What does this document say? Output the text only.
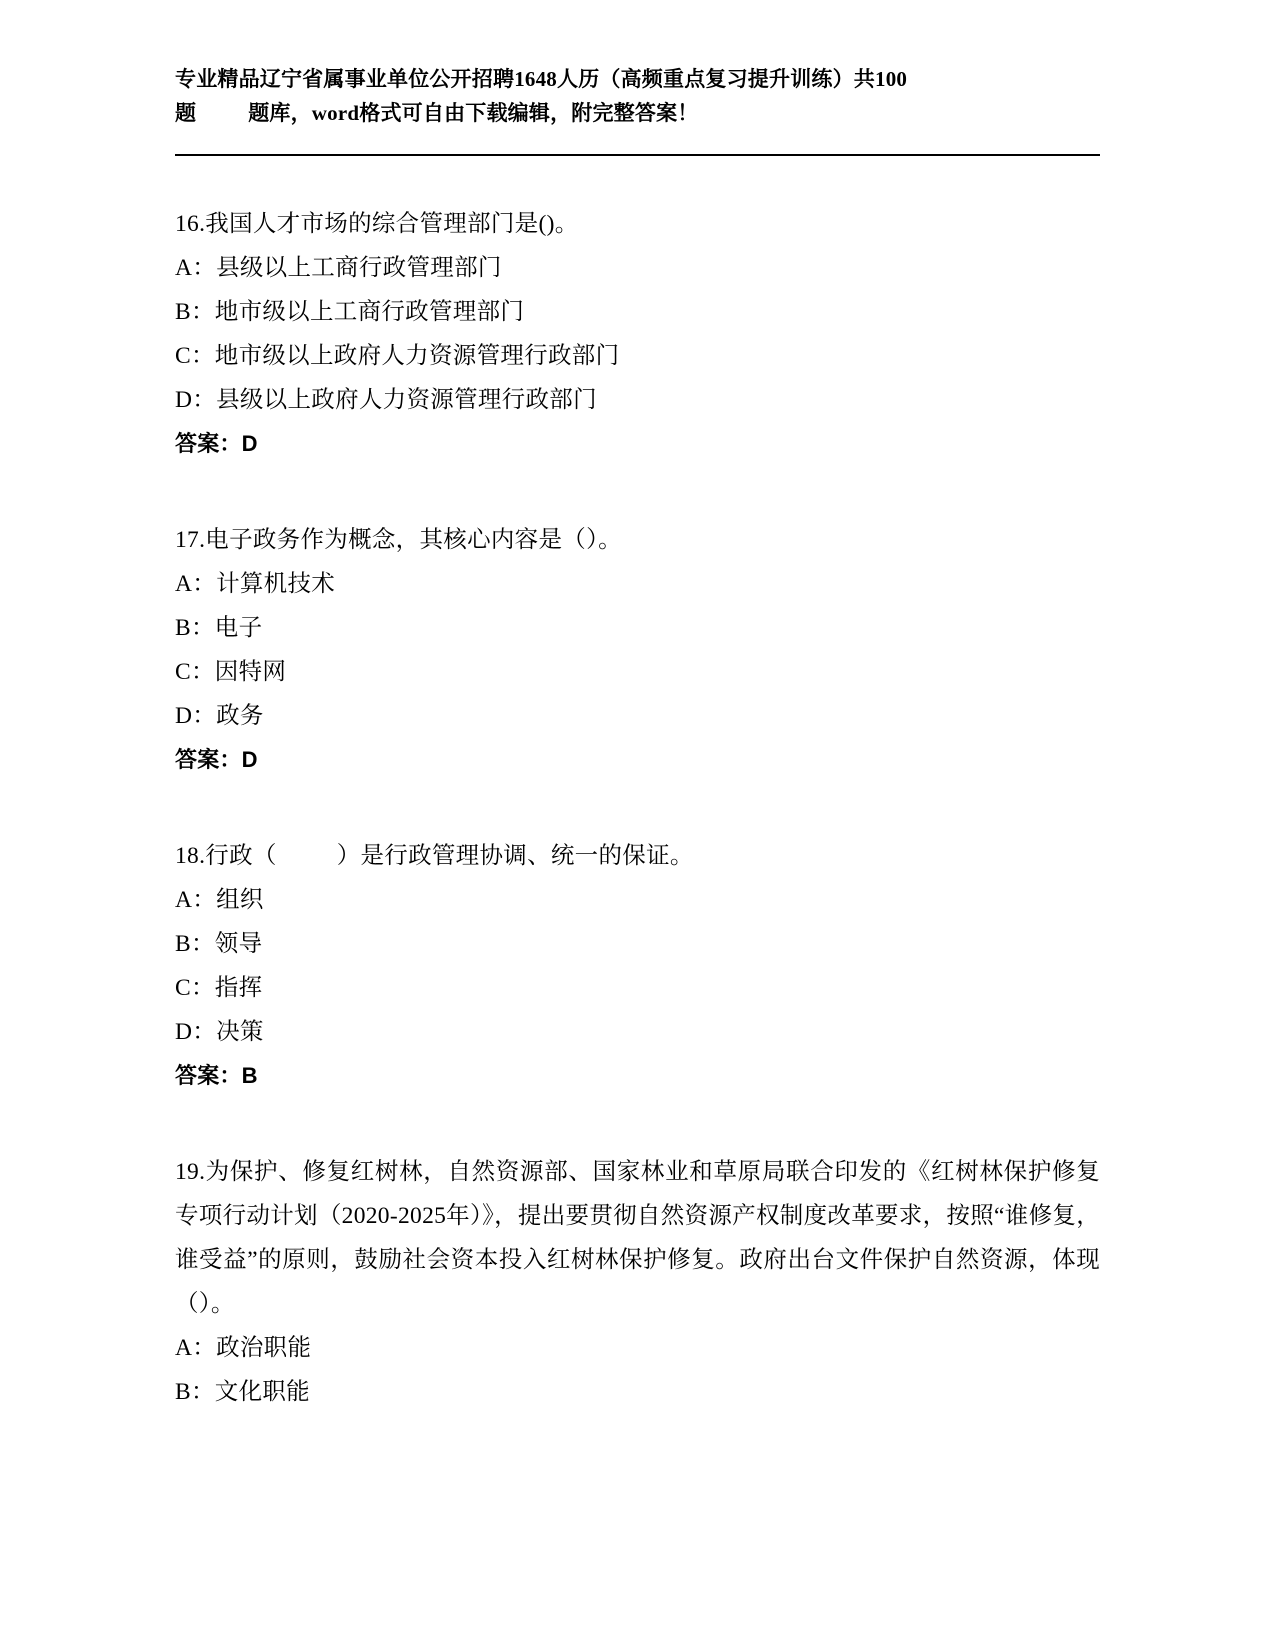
专业精品辽宁省属事业单位公开招聘1648人历（高频重点复习提升训练）共100
题 题库，word格式可自由下载编辑，附完整答案！
16.我国人才市场的综合管理部门是()。
A：县级以上工商行政管理部门
B：地市级以上工商行政管理部门
C：地市级以上政府人力资源管理行政部门
D：县级以上政府人力资源管理行政部门
答案：D
17.电子政务作为概念，其核心内容是（）。
A：计算机技术
B：电子
C：因特网
D：政务
答案：D
18.行政（	）是行政管理协调、统一的保证。
A：组织
B：领导
C：指挥
D：决策
答案：B
19.为保护、修复红树林，自然资源部、国家林业和草原局联合印发的《红树林保护修复专项行动计划（2020-2025年）》，提出要贯彻自然资源产权制度改革要求，按照“谁修复，谁受益”的原则，鼓励社会资本投入红树林保护修复。政府出台文件保护自然资源，体现（）。
A：政治职能
B：文化职能
